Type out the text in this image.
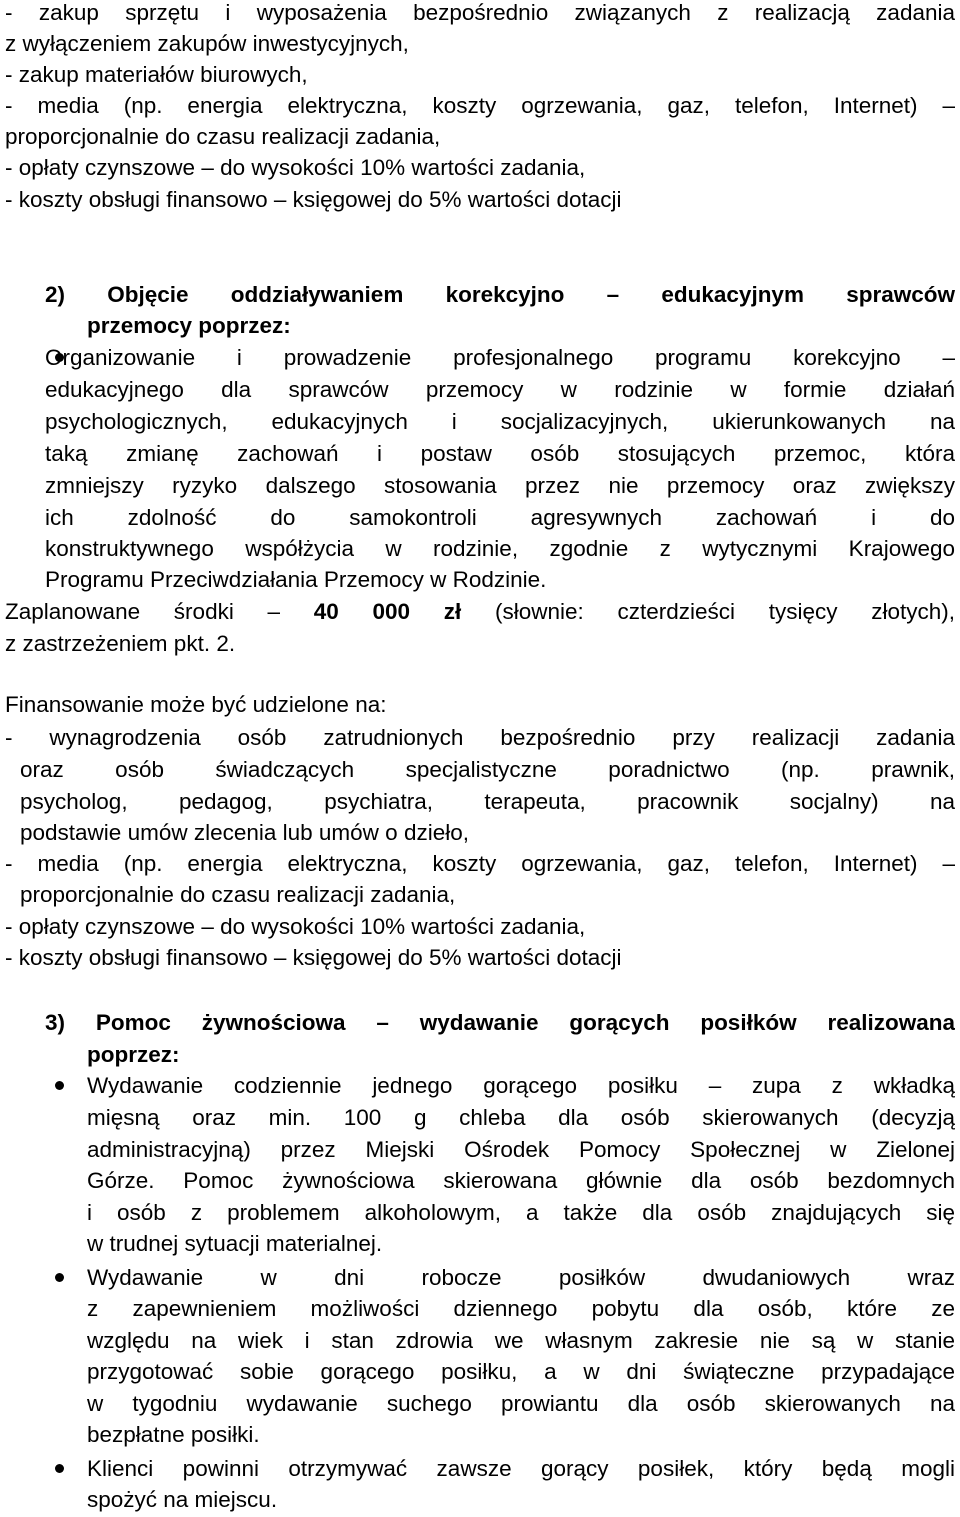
- zakup sprzętu i wyposażenia bezpośrednio związanych z realizacją zadania
z wyłączeniem zakupów inwestycyjnych,
- zakup materiałów biurowych,
- media (np. energia elektryczna, koszty ogrzewania, gaz, telefon, Internet) –
proporcjonalnie do czasu realizacji zadania,
- opłaty czynszowe – do wysokości 10% wartości zadania,
- koszty obsługi finansowo – księgowej do 5% wartości dotacji
2) Objęcie oddziaływaniem korekcyjno – edukacyjnym sprawców
przemocy poprzez:
Organizowanie i prowadzenie profesjonalnego programu korekcyjno –
edukacyjnego dla sprawców przemocy w rodzinie w formie działań
psychologicznych, edukacyjnych i socjalizacyjnych, ukierunkowanych na
taką zmianę zachowań i postaw osób stosujących przemoc, która
zmniejszy ryzyko dalszego stosowania przez nie przemocy oraz zwiększy
ich zdolność do samokontroli agresywnych zachowań i do
konstruktywnego współżycia w rodzinie, zgodnie z wytycznymi Krajowego
Programu Przeciwdziałania Przemocy w Rodzinie.
Zaplanowane środki – 40 000 zł (słownie: czterdzieści tysięcy złotych),
z zastrzeżeniem pkt. 2.
Finansowanie może być udzielone na:
- wynagrodzenia osób zatrudnionych bezpośrednio przy realizacji zadania
oraz osób świadczących specjalistyczne poradnictwo (np. prawnik,
psycholog, pedagog, psychiatra, terapeuta, pracownik socjalny) na
podstawie umów zlecenia lub umów o dzieło,
- media (np. energia elektryczna, koszty ogrzewania, gaz, telefon, Internet) –
proporcjonalnie do czasu realizacji zadania,
- opłaty czynszowe – do wysokości 10% wartości zadania,
- koszty obsługi finansowo – księgowej do 5% wartości dotacji
3) Pomoc żywnościowa – wydawanie gorących posiłków realizowana
poprzez:
Wydawanie codziennie jednego gorącego posiłku – zupa z wkładką
mięsną oraz min. 100 g chleba dla osób skierowanych (decyzją
administracyjną) przez Miejski Ośrodek Pomocy Społecznej w Zielonej
Górze. Pomoc żywnościowa skierowana głównie dla osób bezdomnych
i osób z problemem alkoholowym, a także dla osób znajdujących się
w trudnej sytuacji materialnej.
Wydawanie w dni robocze posiłków dwudaniowych wraz
z zapewnieniem możliwości dziennego pobytu dla osób, które ze
względu na wiek i stan zdrowia we własnym zakresie nie są w stanie
przygotować sobie gorącego posiłku, a w dni świąteczne przypadające
w tygodniu wydawanie suchego prowiantu dla osób skierowanych na
bezpłatne posiłki.
Klienci powinni otrzymywać zawsze gorący posiłek, który będą mogli
spożyć na miejscu.
